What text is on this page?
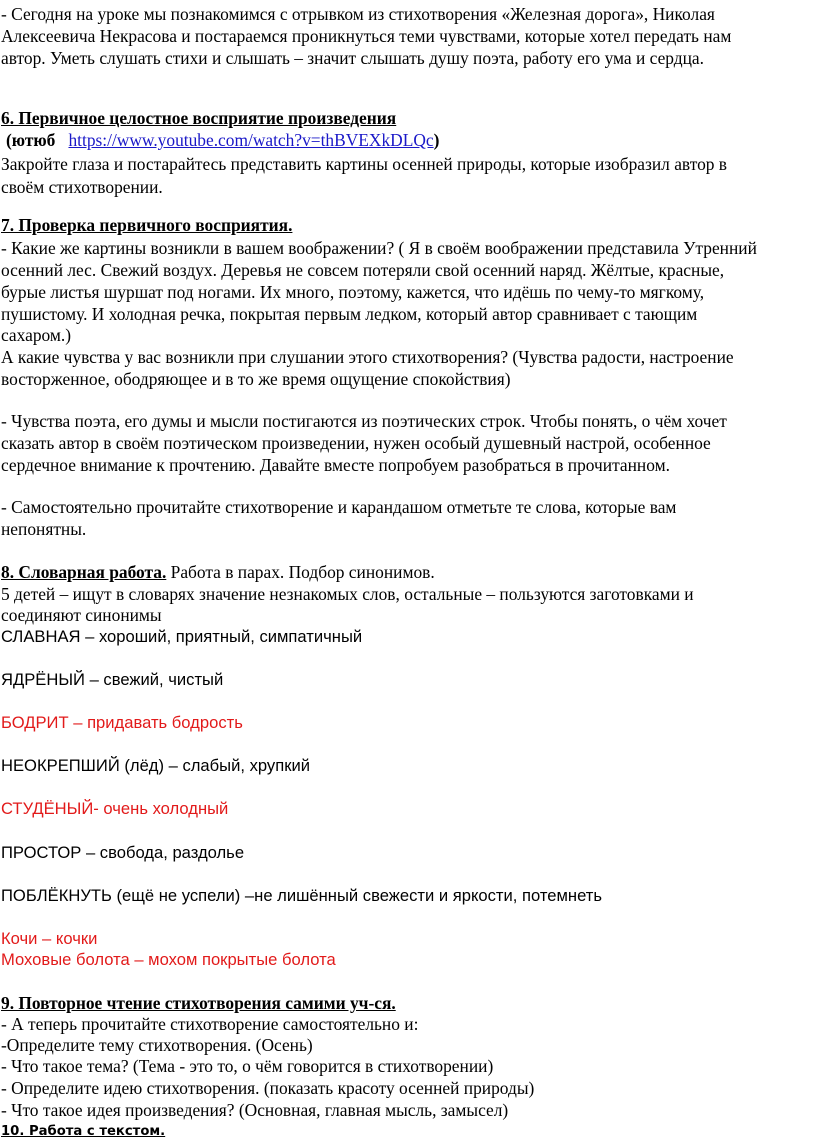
- Сегодня на уроке мы познакомимся с отрывком из стихотворения «Железная дорога», Николая
Алексеевича Некрасова и постараемся проникнуться теми чувствами, которые хотел передать нам
автор. Уметь слушать стихи и слышать – значит слышать душу поэта, работу его ума и сердца.
6. Первичное целостное восприятие произведения
(ютюб https://www.youtube.com/watch?v=thBVEXkDLQc)
Закройте глаза и постарайтесь представить картины осенней природы, которые изобразил автор в
своём стихотворении.
7. Проверка первичного восприятия.
- Какие же картины возникли в вашем воображении? ( Я в своём воображении представила Утренний
осенний лес. Свежий воздух. Деревья не совсем потеряли свой осенний наряд. Жёлтые, красные,
бурые листья шуршат под ногами. Их много, поэтому, кажется, что идёшь по чему-то мягкому,
пушистому. И холодная речка, покрытая первым ледком, который автор сравнивает с тающим
сахаром.)
А какие чувства у вас возникли при слушании этого стихотворения? (Чувства радости, настроение
восторженное, ободряющее и в то же время ощущение спокойствия)
- Чувства поэта, его думы и мысли постигаются из поэтических строк. Чтобы понять, о чём хочет
сказать автор в своём поэтическом произведении, нужен особый душевный настрой, особенное
сердечное внимание к прочтению. Давайте вместе попробуем разобраться в прочитанном.
- Самостоятельно прочитайте стихотворение и карандашом отметьте те слова, которые вам
непонятны.
8. Словарная работа. Работа в парах. Подбор синонимов.
5 детей – ищут в словарях значение незнакомых слов, остальные – пользуются заготовками и
соединяют синонимы
СЛАВНАЯ – хороший, приятный, симпатичный
ЯДРЁНЫЙ – свежий, чистый
БОДРИТ – придавать бодрость
НЕОКРЕПШИЙ (лёд) – слабый, хрупкий
СТУДЁНЫЙ- очень холодный
ПРОСТОР – свобода, раздолье
ПОБЛЁКНУТЬ (ещё не успели) –не лишённый свежести и яркости, потемнеть
Кочи – кочки
Моховые болота – мохом покрытые болота
9. Повторное чтение стихотворения самими уч-ся.
- А теперь прочитайте стихотворение самостоятельно и:
-Определите тему стихотворения. (Осень)
- Что такое тема? (Тема - это то, о чём говорится в стихотворении)
- Определите идею стихотворения. (показать красоту осенней природы)
- Что такое идея произведения? (Основная, главная мысль, замысел)
10. Работа с текстом.
